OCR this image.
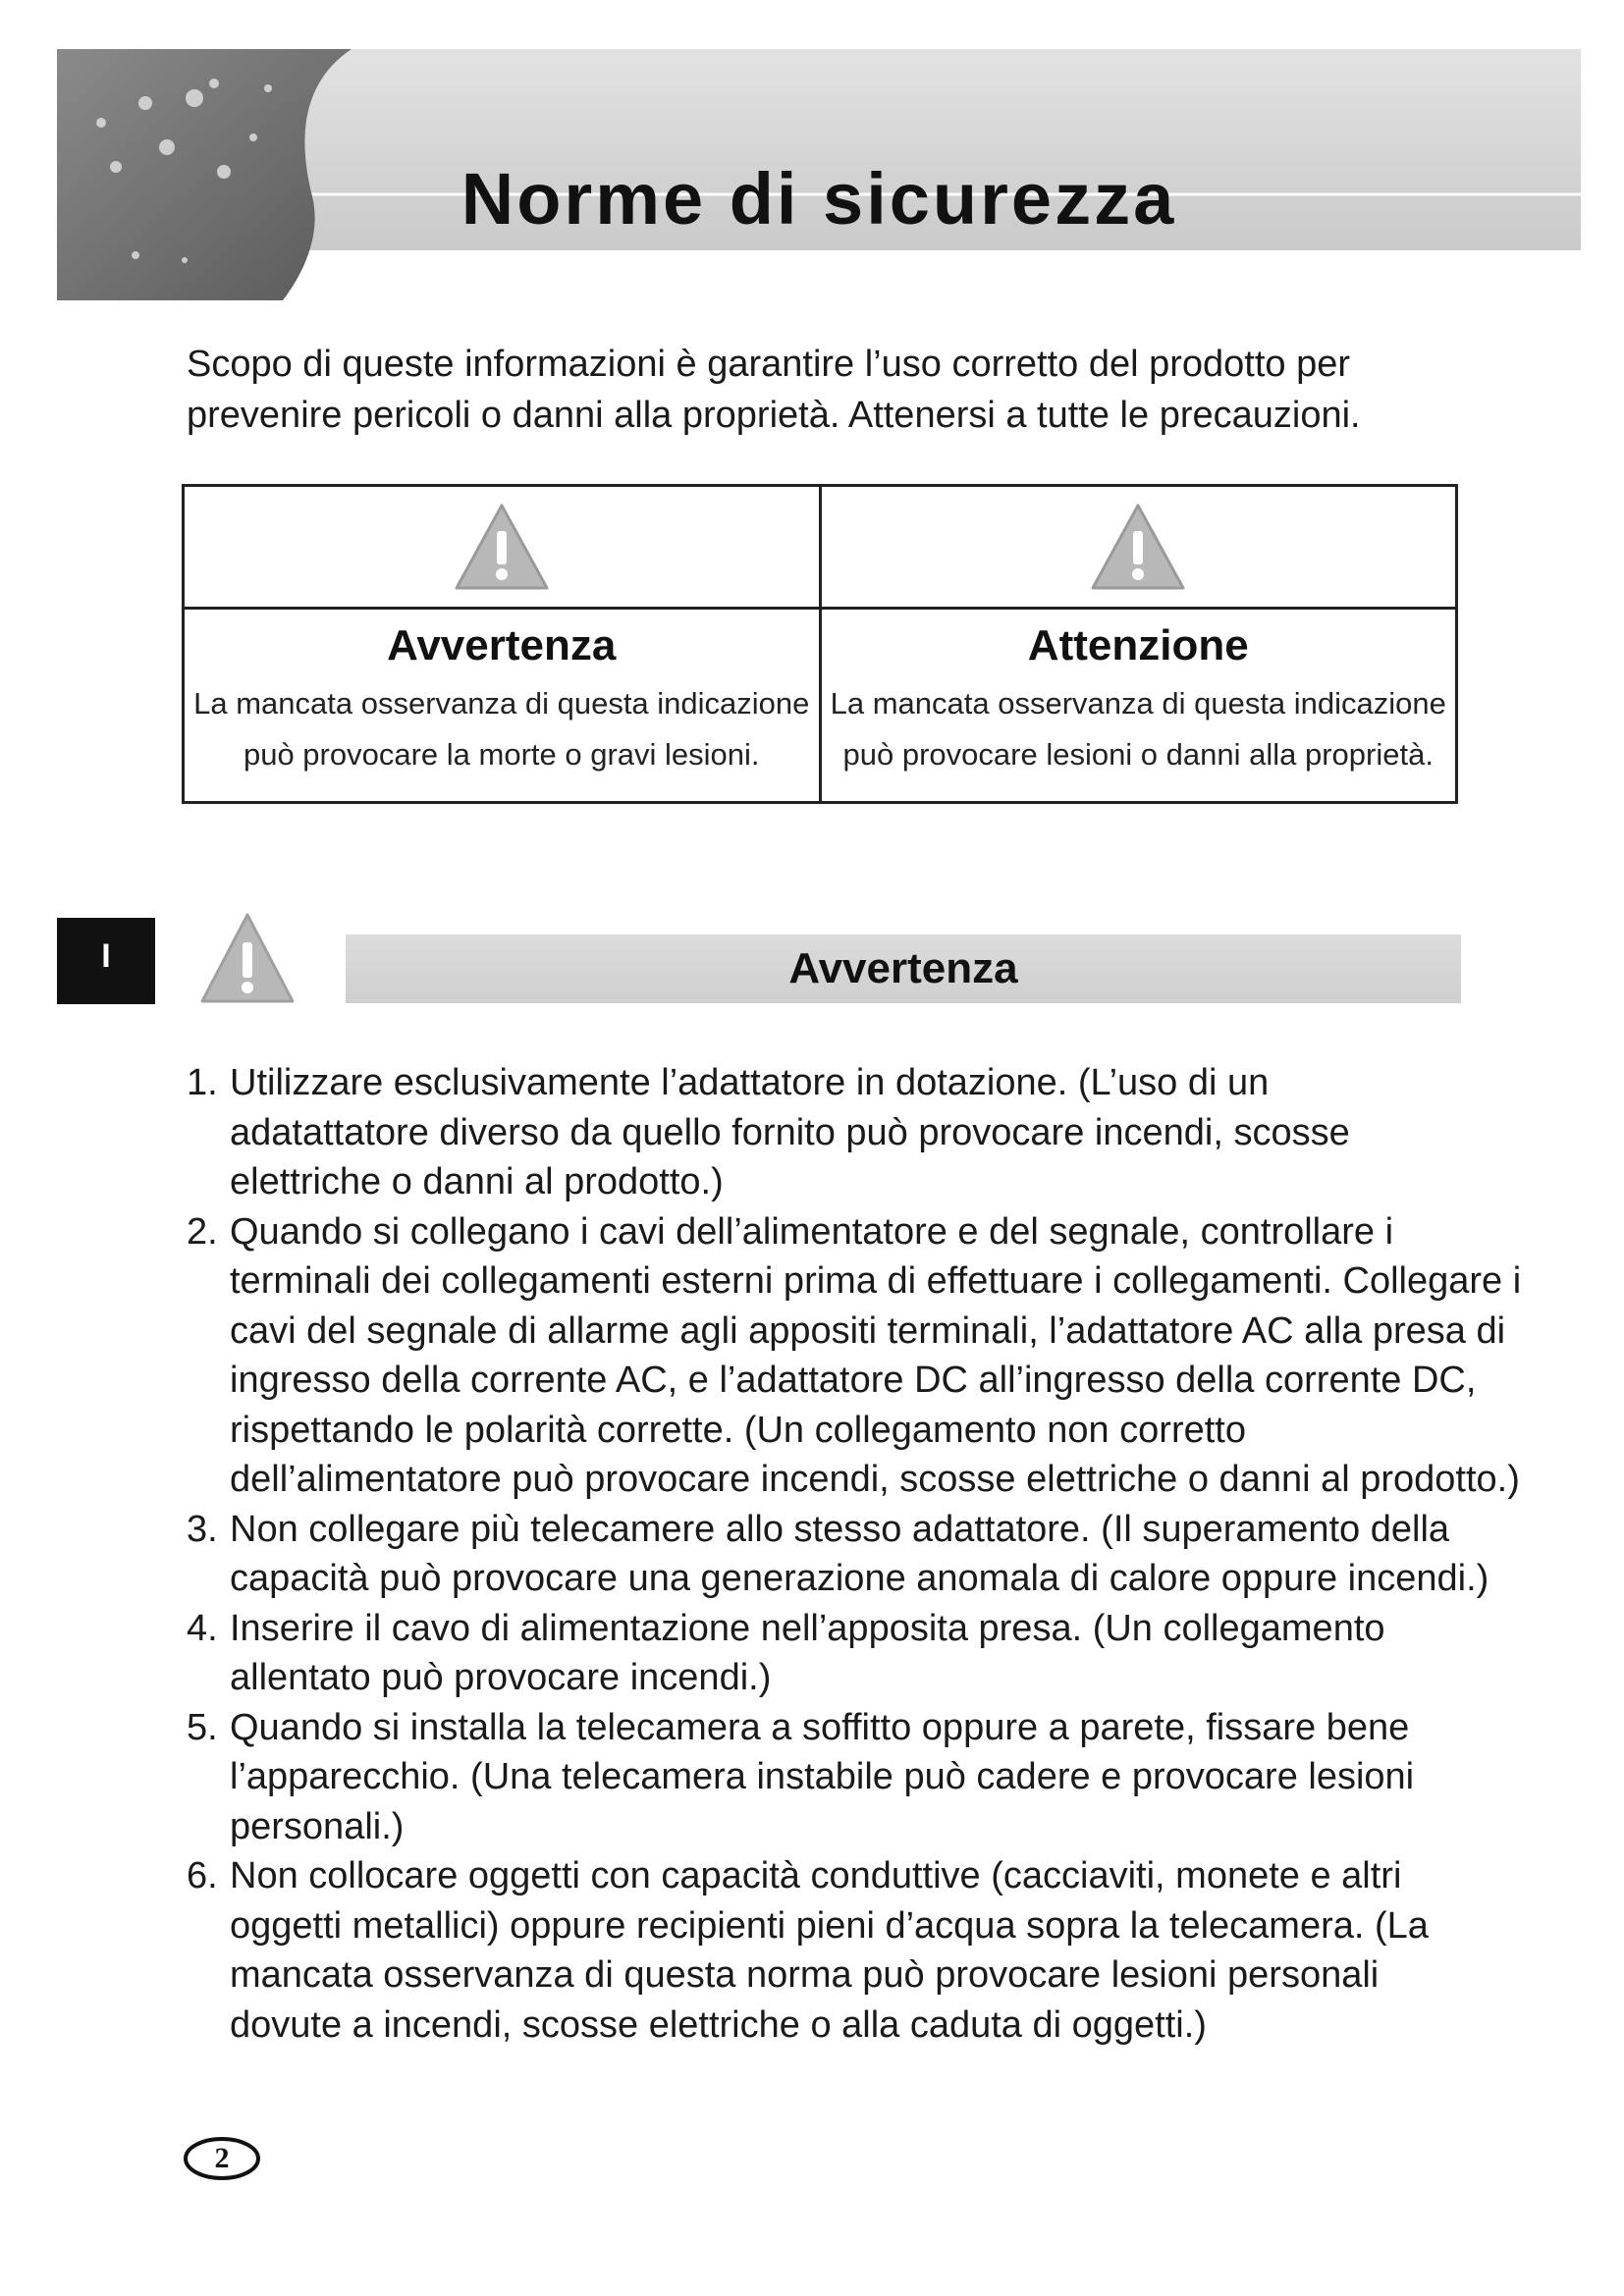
Norme di sicurezza

Scopo di queste informazioni è garantire l’uso corretto del prodotto per
prevenire pericoli o danni alla proprietà. Attenersi a tutte le precauzioni.

Avvertenza
La mancata osservanza di questa indicazione
può provocare la morte o gravi lesioni.
Attenzione
La mancata osservanza di questa indicazione
può provocare lesioni o danni alla proprietà.
I	Avvertenza
1. Utilizzare esclusivamente l’adattatore in dotazione. (L’uso di un
adatattatore diverso da quello fornito può provocare incendi, scosse
elettriche o danni al prodotto.)
2. Quando si collegano i cavi dell’alimentatore e del segnale, controllare i
terminali dei collegamenti esterni prima di effettuare i collegamenti. Collegare i
cavi del segnale di allarme agli appositi terminali, l’adattatore AC alla presa di
ingresso della corrente AC, e l’adattatore DC all’ingresso della corrente DC,
rispettando le polarità corrette. (Un collegamento non corretto
dell’alimentatore può provocare incendi, scosse elettriche o danni al prodotto.)
3. Non collegare più telecamere allo stesso adattatore. (Il superamento della
capacità può provocare una generazione anomala di calore oppure incendi.)
4. Inserire il cavo di alimentazione nell’apposita presa. (Un collegamento
allentato può provocare incendi.)
5. Quando si installa la telecamera a soffitto oppure a parete, fissare bene
l’apparecchio. (Una telecamera instabile può cadere e provocare lesioni
personali.)
6. Non collocare oggetti con capacità conduttive (cacciaviti, monete e altri
oggetti metallici) oppure recipienti pieni d’acqua sopra la telecamera. (La
mancata osservanza di questa norma può provocare lesioni personali
dovute a incendi, scosse elettriche o alla caduta di oggetti.)
2
